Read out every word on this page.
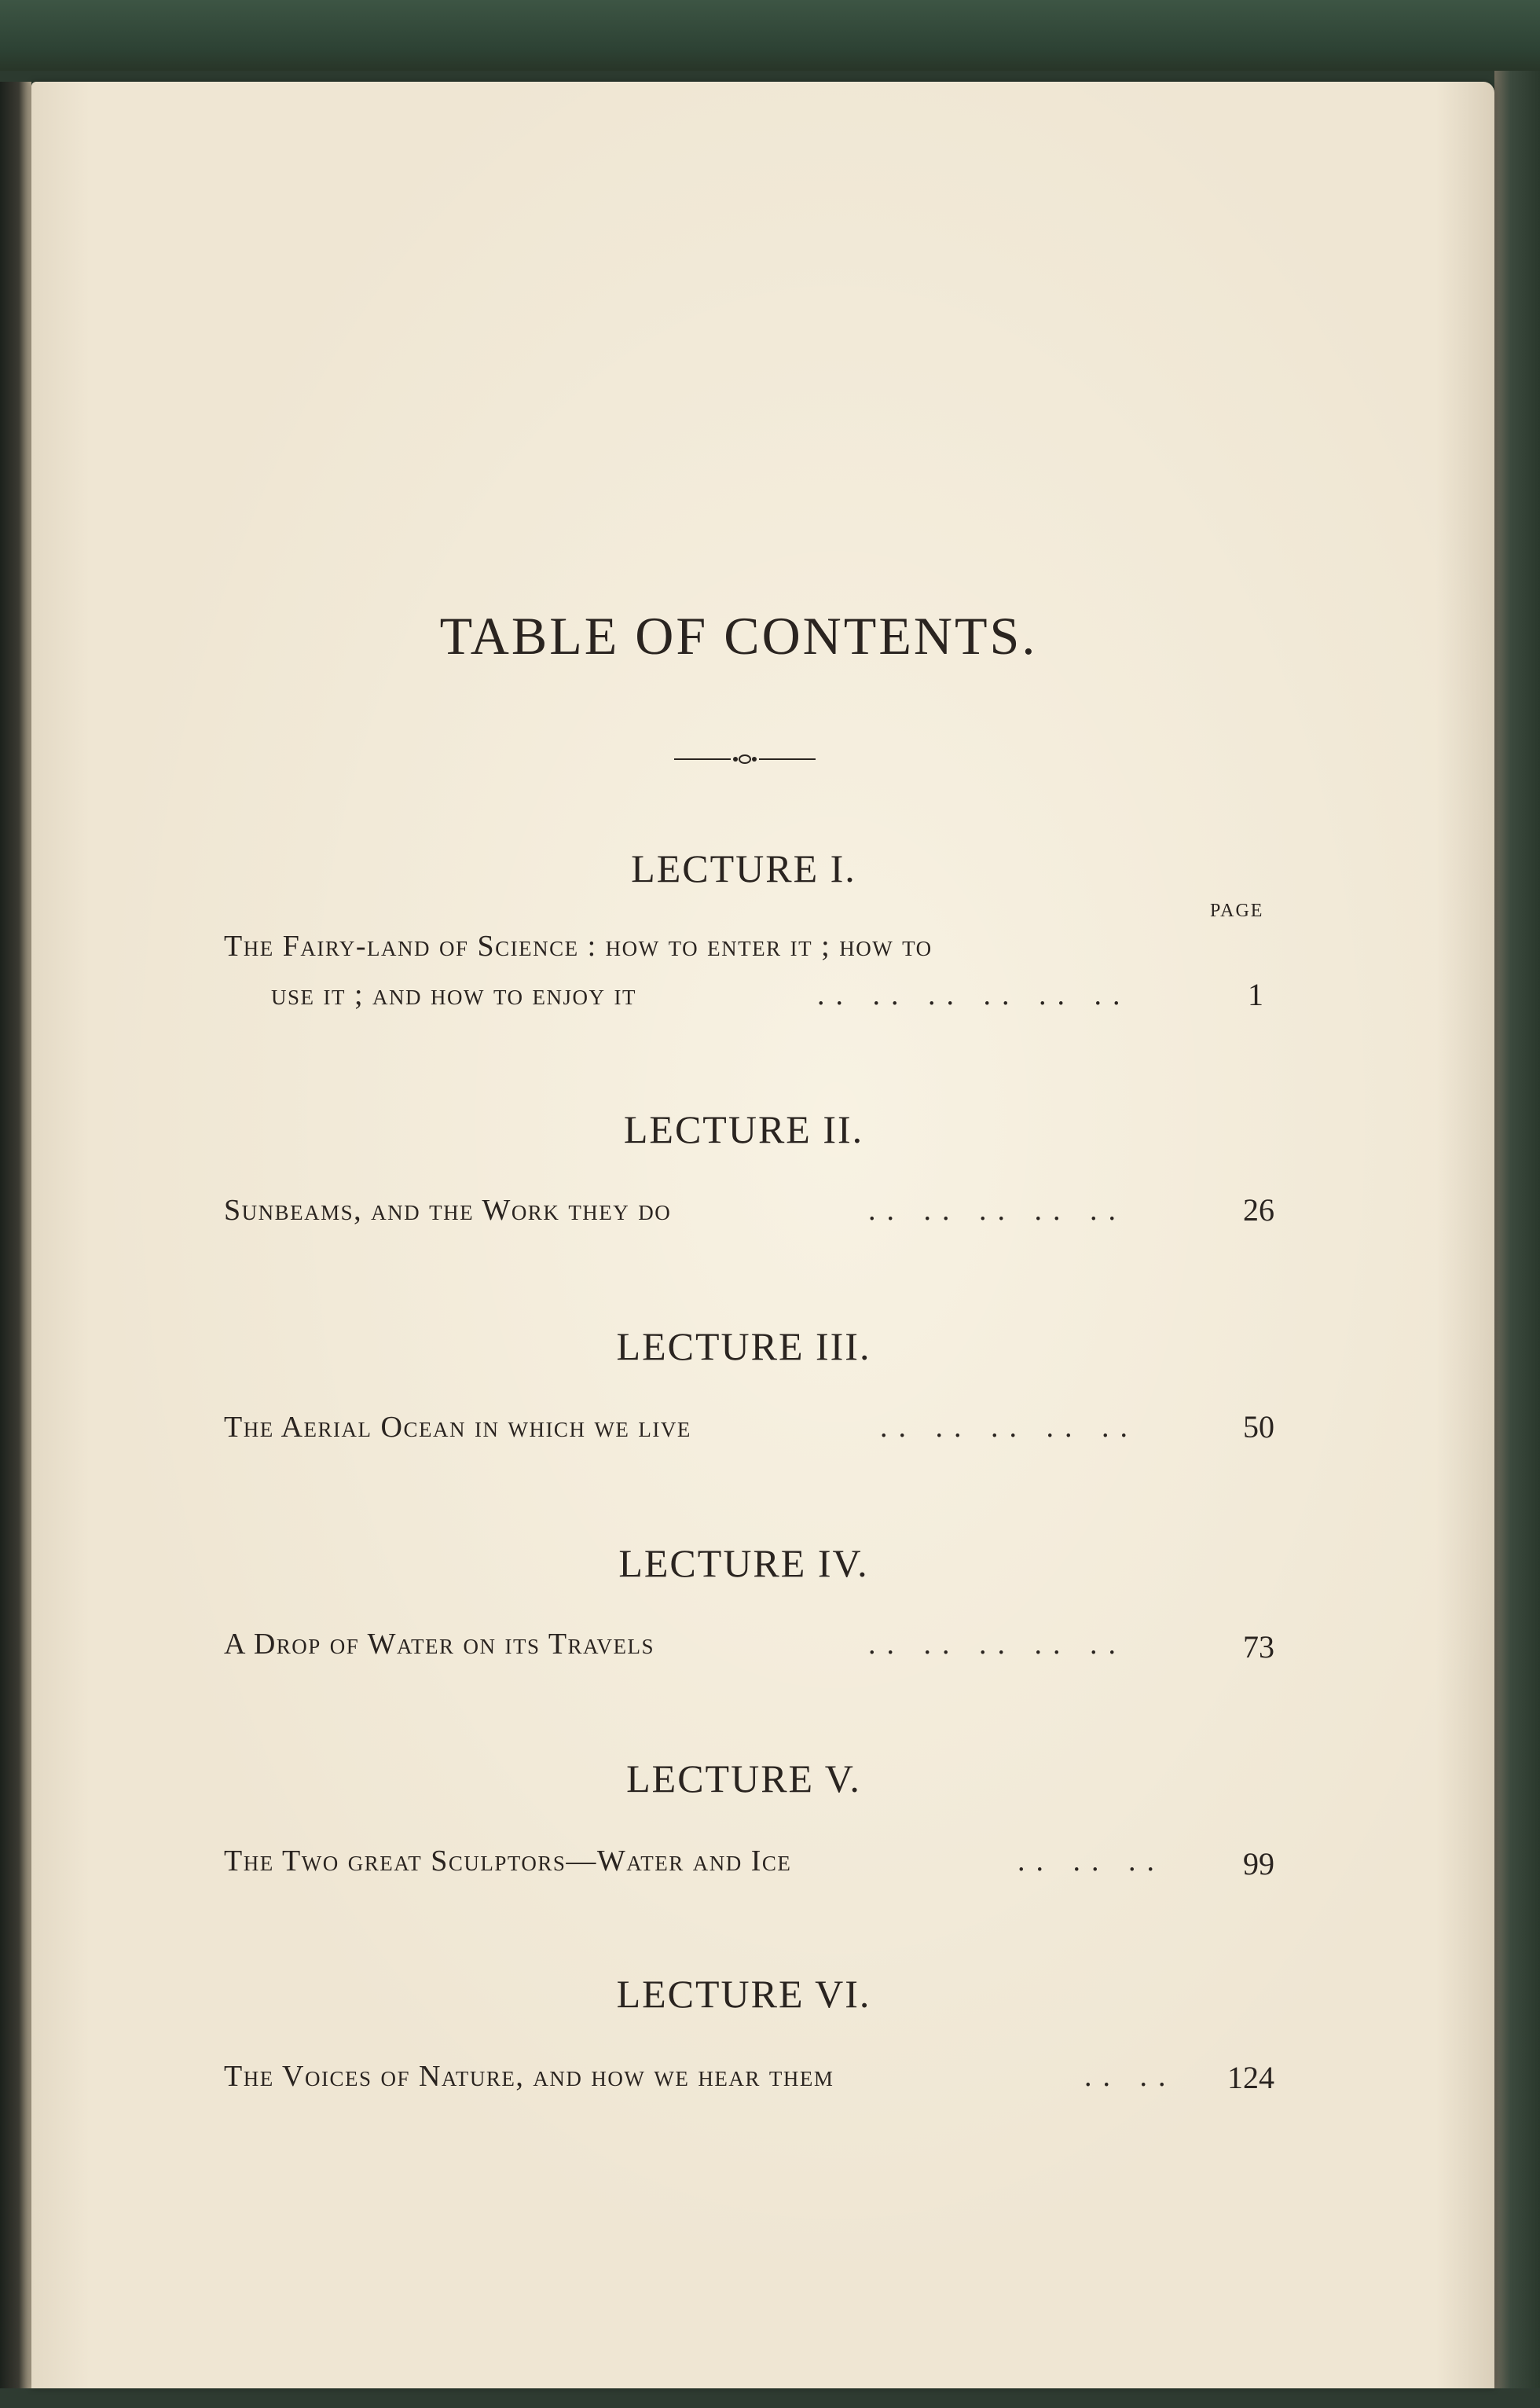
TABLE OF CONTENTS.
LECTURE I.
PAGE
The Fairy-land of Science : how to enter it ; how to
use it ; and how to enjoy it	.. .. .. .. .. ..	1
LECTURE II.
Sunbeams, and the Work they do	.. .. .. .. ..	26
LECTURE III.
The Aerial Ocean in which we live	.. .. .. .. ..	50
LECTURE IV.
A Drop of Water on its Travels	.. .. .. .. ..	73
LECTURE V.
The Two great Sculptors—Water and Ice	.. .. ..	99
LECTURE VI.
The Voices of Nature, and how we hear them	.. ..	124
